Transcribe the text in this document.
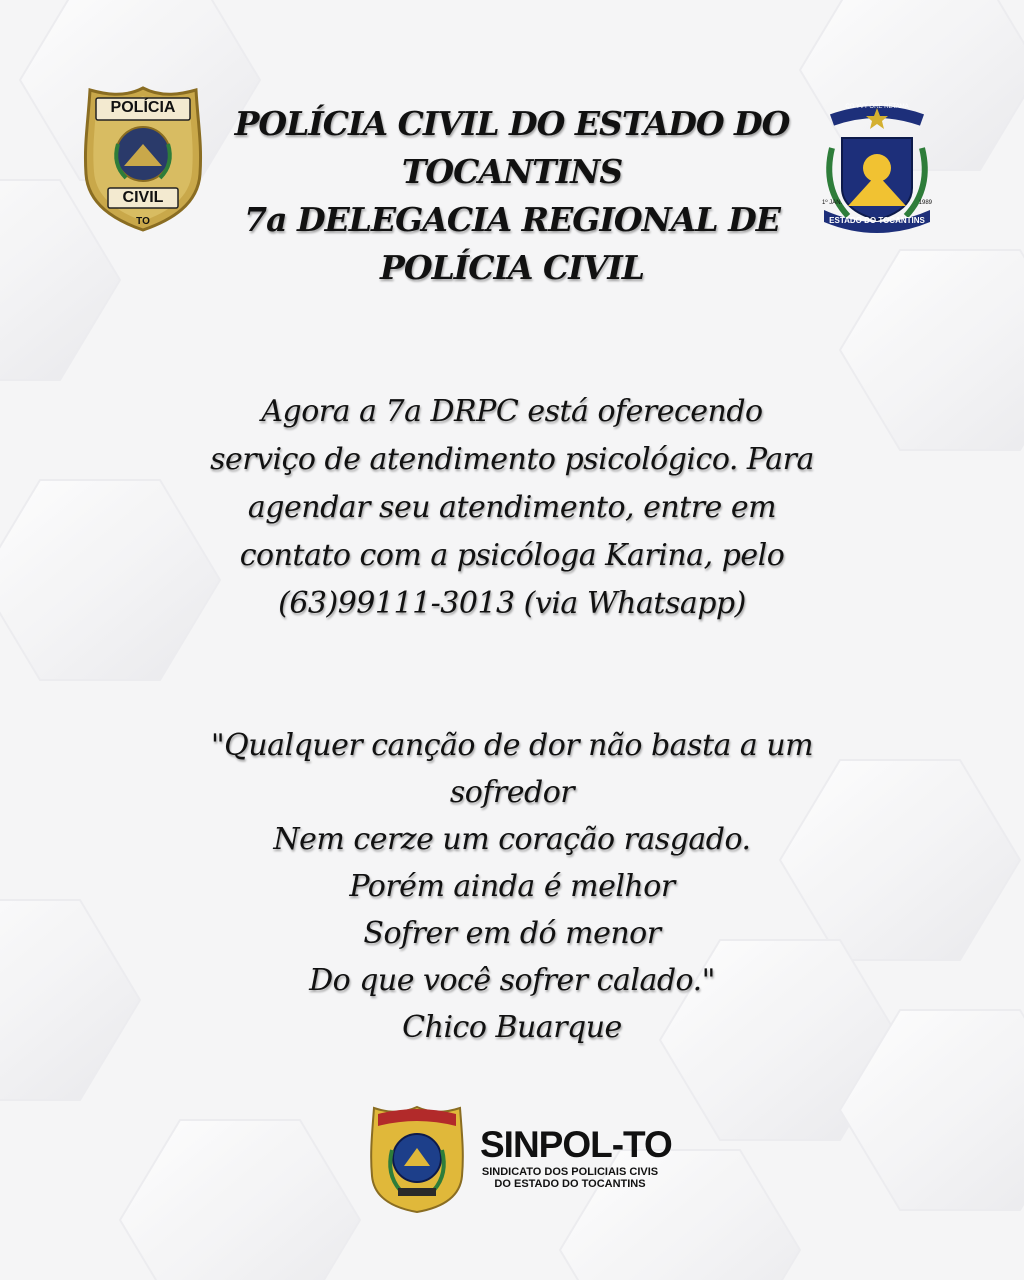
POLÍCIA
CIVIL
TO
CO YVY ORE RETAMA
1º JAN.	1989
ESTADO DO TOCANTINS
POLÍCIA CIVIL DO ESTADO DO
TOCANTINS
7a DELEGACIA REGIONAL DE
POLÍCIA CIVIL

Agora a 7a DRPC está oferecendo
serviço de atendimento psicológico. Para
agendar seu atendimento, entre em
contato com a psicóloga Karina, pelo
(63)99111-3013 (via Whatsapp)

"Qualquer canção de dor não basta a um
sofredor
Nem cerze um coração rasgado.
Porém ainda é melhor
Sofrer em dó menor
Do que você sofrer calado."
Chico Buarque

SINPOL-TO
SINDICATO DOS POLICIAIS CIVIS
DO ESTADO DO TOCANTINS
